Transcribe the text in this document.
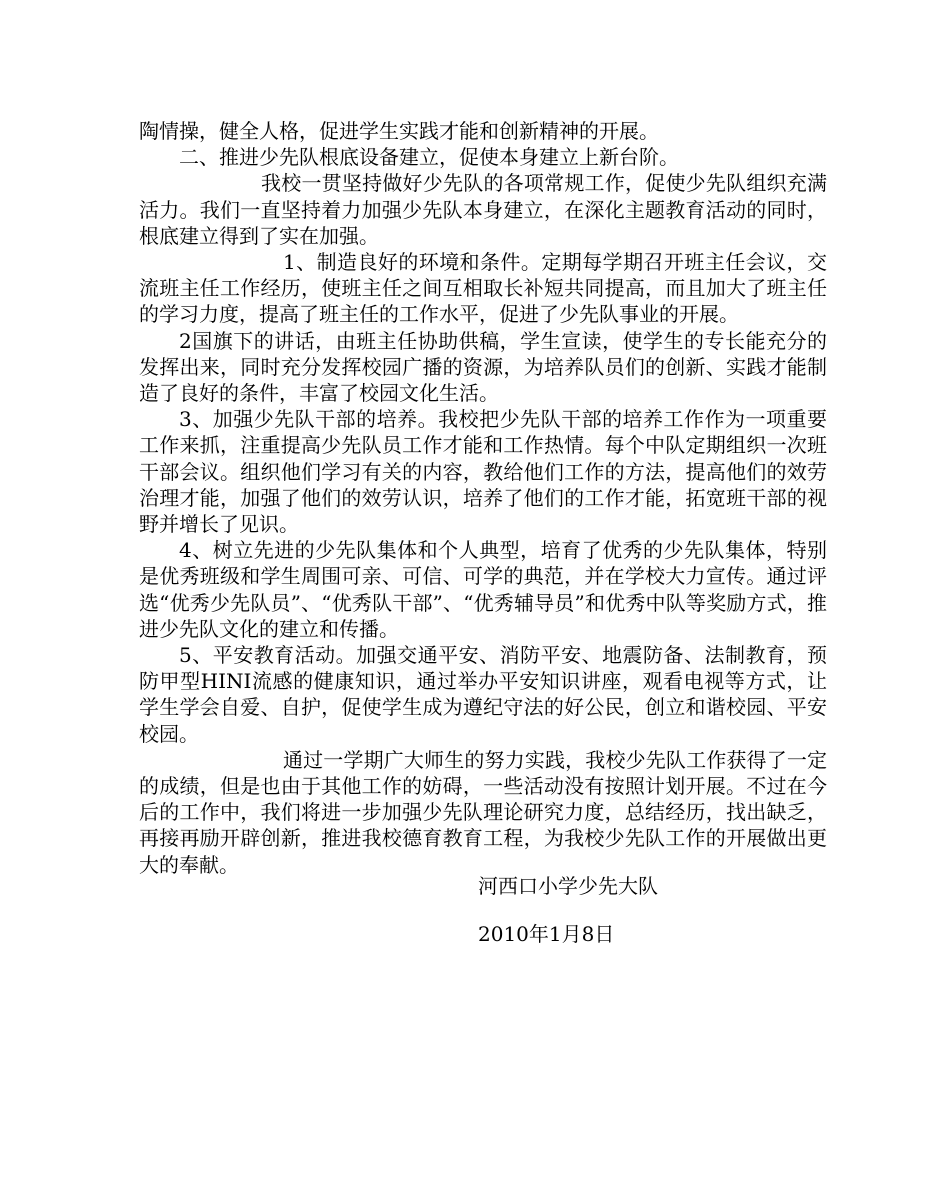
陶情操，健全人格，促进学生实践才能和创新精神的开展。

二、推进少先队根底设备建立，促使本身建立上新台阶。

我校一贯坚持做好少先队的各项常规工作，促使少先队组织充满活力。我们一直坚持着力加强少先队本身建立，在深化主题教育活动的同时，根底建立得到了实在加强。

1、制造良好的环境和条件。定期每学期召开班主任会议，交流班主任工作经历，使班主任之间互相取长补短共同提高，而且加大了班主任的学习力度，提高了班主任的工作水平，促进了少先队事业的开展。

2国旗下的讲话，由班主任协助供稿，学生宣读，使学生的专长能充分的发挥出来，同时充分发挥校园广播的资源，为培养队员们的创新、实践才能制造了良好的条件，丰富了校园文化生活。

3、加强少先队干部的培养。我校把少先队干部的培养工作作为一项重要工作来抓，注重提高少先队员工作才能和工作热情。每个中队定期组织一次班干部会议。组织他们学习有关的内容，教给他们工作的方法，提高他们的效劳治理才能，加强了他们的效劳认识，培养了他们的工作才能，拓宽班干部的视野并增长了见识。

4、树立先进的少先队集体和个人典型，培育了优秀的少先队集体，特别是优秀班级和学生周围可亲、可信、可学的典范，并在学校大力宣传。通过评选“优秀少先队员”、“优秀队干部”、“优秀辅导员”和优秀中队等奖励方式，推进少先队文化的建立和传播。

5、平安教育活动。加强交通平安、消防平安、地震防备、法制教育，预防甲型HINI流感的健康知识，通过举办平安知识讲座，观看电视等方式，让学生学会自爱、自护，促使学生成为遵纪守法的好公民，创立和谐校园、平安校园。

通过一学期广大师生的努力实践，我校少先队工作获得了一定的成绩，但是也由于其他工作的妨碍，一些活动没有按照计划开展。不过在今后的工作中，我们将进一步加强少先队理论研究力度，总结经历，找出缺乏，再接再励开辟创新，推进我校德育教育工程，为我校少先队工作的开展做出更大的奉献。

河西口小学少先大队

2010年1月8日
